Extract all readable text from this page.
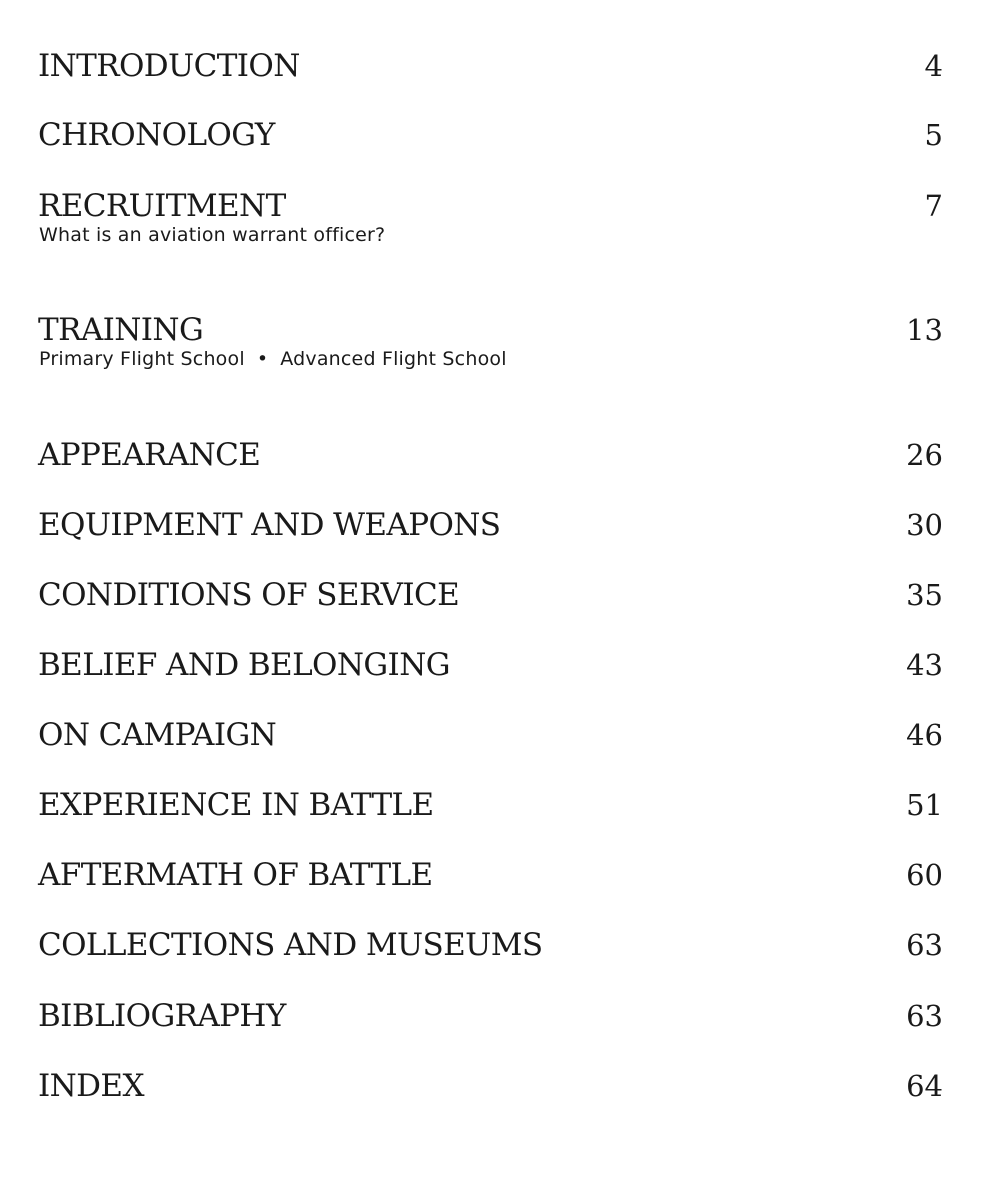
INTRODUCTION	4
CHRONOLOGY	5
RECRUITMENT	7
What is an aviation warrant officer?
TRAINING	13
Primary Flight School • Advanced Flight School
APPEARANCE	26
EQUIPMENT AND WEAPONS	30
CONDITIONS OF SERVICE	35
BELIEF AND BELONGING	43
ON CAMPAIGN	46
EXPERIENCE IN BATTLE	51
AFTERMATH OF BATTLE	60
COLLECTIONS AND MUSEUMS	63
BIBLIOGRAPHY	63
INDEX	64
